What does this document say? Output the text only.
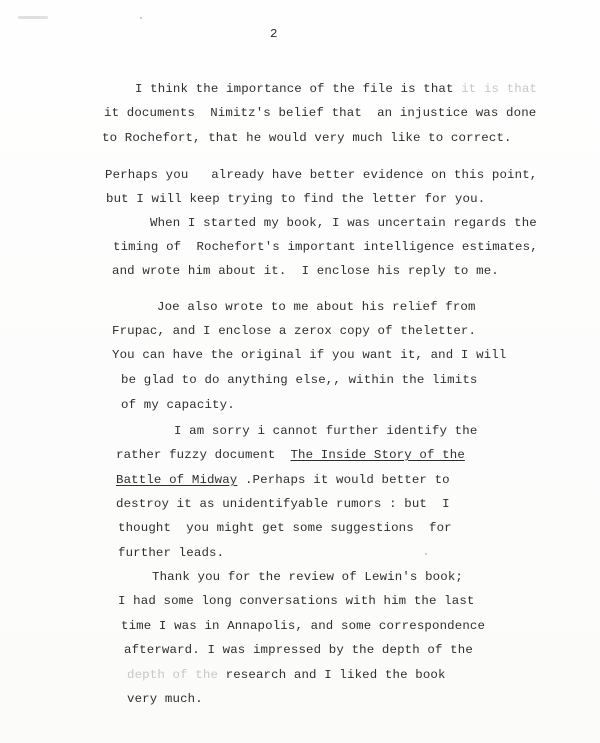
2
I think the importance of the file is that it is that
it documents  Nimitz's belief that  an injustice was done
to Rochefort, that he would very much like to correct.
Perhaps you   already have better evidence on this point,
but I will keep trying to find the letter for you.
When I started my book, I was uncertain regards the
timing of  Rochefort's important intelligence estimates,
and wrote him about it.  I enclose his reply to me.
Joe also wrote to me about his relief from
Frupac, and I enclose a zerox copy of theletter.
You can have the original if you want it, and I will
be glad to do anything else,, within the limits
of my capacity.
I am sorry i cannot further identify the
rather fuzzy document  The Inside Story of the
Battle of Midway .Perhaps it would better to
destroy it as unidentifyable rumors : but  I
thought  you might get some suggestions  for
further leads.
Thank you for the review of Lewin's book;
I had some long conversations with him the last
time I was in Annapolis, and some correspondence
afterward. I was impressed by the depth of the
depth of the research and I liked the book
very much.
